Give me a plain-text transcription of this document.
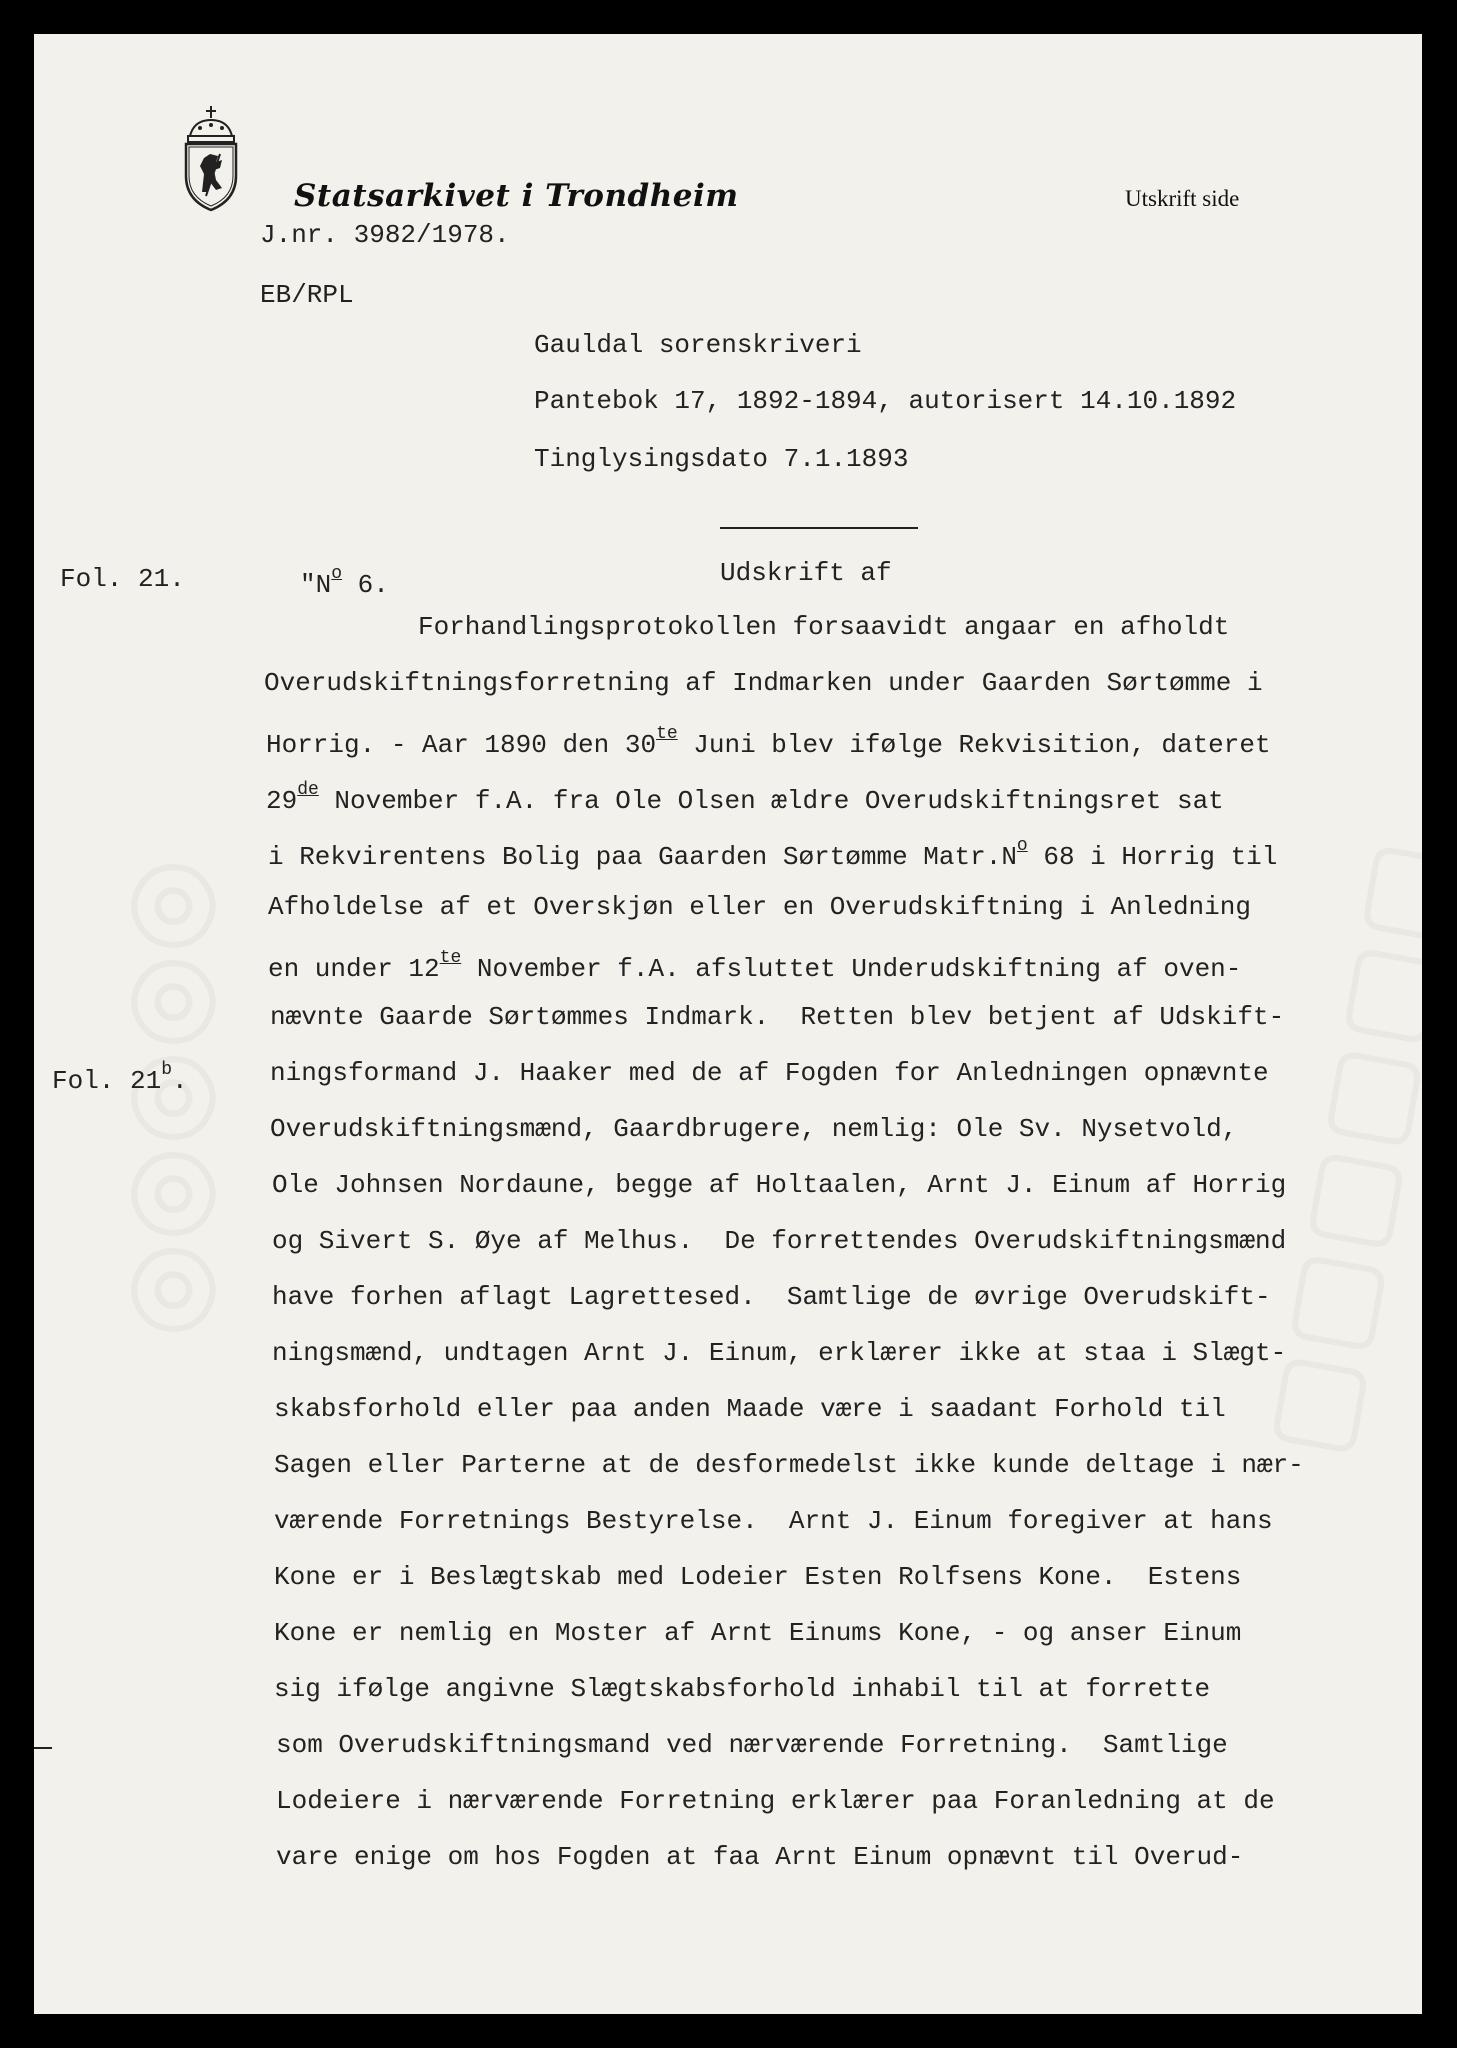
Statsarkivet i Trondheim	Utskrift side
J.nr. 3982/1978.
EB/RPL
Gauldal sorenskriveri
Pantebok 17, 1892-1894, autorisert 14.10.1892
Tinglysingsdato 7.1.1893
Fol. 21.	"$N^o$ 6.	Udskrift af
Forhandlingsprotokollen forsaavidt angaar en afholdt
Overudskiftningsforretning af Indmarken under Gaarden Sørtømme i
Horrig. - Aar 1890 den $30^{te}$ Juni blev ifølge Rekvisition, dateret
29de November f.A. fra Ole Olsen ældre Overudskiftningsret sat
i Rekvirentens Bolig paa Gaarden Sørtømme $Matr.N^o$ 68 i Horrig til
Afholdelse af et Overskjøn eller en Overudskiftning i Anledning
en under $12^{te}$ November f.A. afsluttet Underudskiftning af oven-
nævnte Gaarde Sørtømmes Indmark.  Retten blev betjent af Udskift-
Fol. 21$^b$.	ningsformand J. Haaker med de af Fogden for Anledningen opnævnte
Overudskiftningsmænd, Gaardbrugere, nemlig: Ole Sv. Nysetvold,
Ole Johnsen Nordaune, begge af Holtaalen, Arnt J. Einum af Horrig
og Sivert S. Øye af Melhus.  De forrettendes Overudskiftningsmænd
have forhen aflagt Lagrettesed.  Samtlige de øvrige Overudskift-
ningsmænd, undtagen Arnt J. Einum, erklærer ikke at staa i Slægt-
skabsforhold eller paa anden Maade være i saadant Forhold til
Sagen eller Parterne at de desformedelst ikke kunde deltage i nær-
værende Forretnings Bestyrelse.  Arnt J. Einum foregiver at hans
Kone er i Beslægtskab med Lodeier Esten Rolfsens Kone.  Estens
Kone er nemlig en Moster af Arnt Einums Kone, - og anser Einum
sig ifølge angivne Slægtskabsforhold inhabil til at forrette
som Overudskiftningsmand ved nærværende Forretning.  Samtlige
Lodeiere i nærværende Forretning erklærer paa Foranledning at de
vare enige om hos Fogden at faa Arnt Einum opnævnt til Overud-
